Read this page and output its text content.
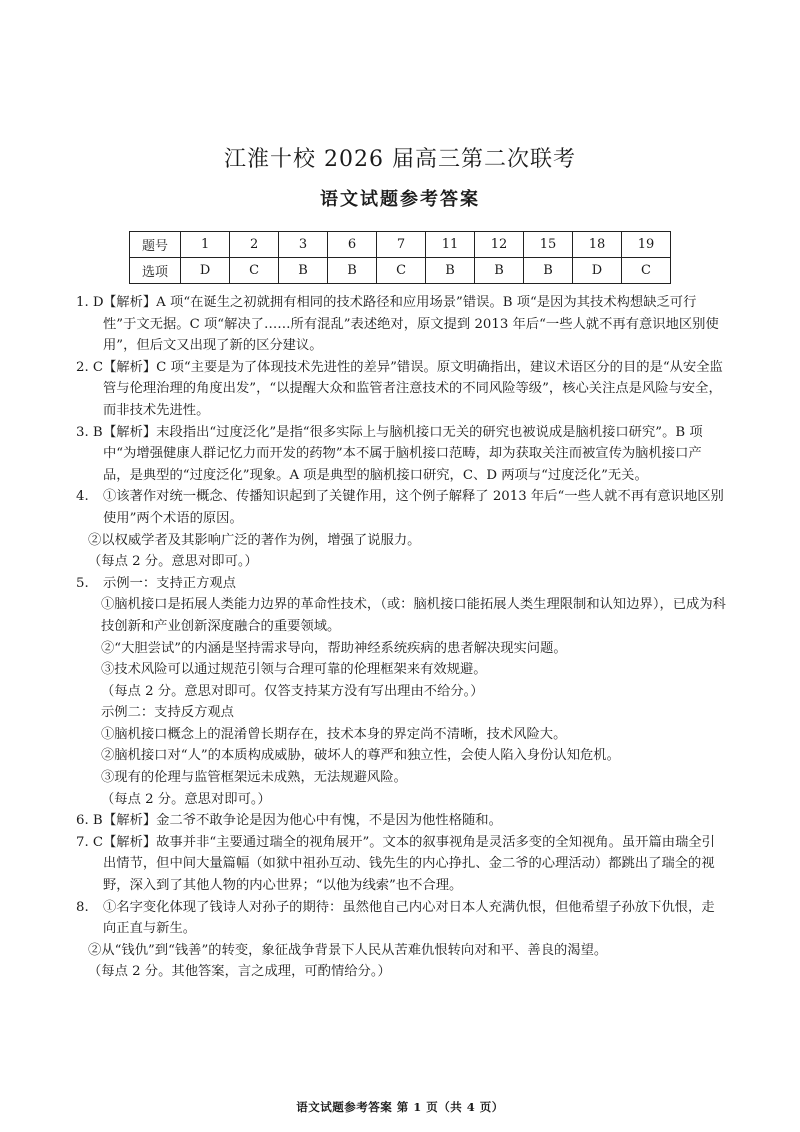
江淮十校 2026 届高三第二次联考
语文试题参考答案
题号	1	2	3	6	7	11	12	15	18	19
选项	D	C	B	B	C	B	B	B	D	C
1. D 【解析】A 项“在诞生之初就拥有相同的技术路径和应用场景”错误。B 项“是因为其技术构想缺乏可行性”于文无据。C 项“解决了……所有混乱”表述绝对，原文提到 2013 年后“一些人就不再有意识地区别使用”，但后文又出现了新的区分建议。
2. C 【解析】C 项“主要是为了体现技术先进性的差异”错误。原文明确指出，建议术语区分的目的是“从安全监管与伦理治理的角度出发”，“以提醒大众和监管者注意技术的不同风险等级”，核心关注点是风险与安全，而非技术先进性。
3. B 【解析】末段指出“过度泛化”是指“很多实际上与脑机接口无关的研究也被说成是脑机接口研究”。B 项中“为增强健康人群记忆力而开发的药物”本不属于脑机接口范畴，却为获取关注而被宣传为脑机接口产品，是典型的“过度泛化”现象。A 项是典型的脑机接口研究，C、D 两项与“过度泛化”无关。
4.	①该著作对统一概念、传播知识起到了关键作用，这个例子解释了 2013 年后“一些人就不再有意识地区别使用”两个术语的原因。
②以权威学者及其影响广泛的著作为例，增强了说服力。
（每点 2 分。意思对即可。）
5.	示例一：支持正方观点
①脑机接口是拓展人类能力边界的革命性技术，（或：脑机接口能拓展人类生理限制和认知边界），已成为科技创新和产业创新深度融合的重要领域。
②“大胆尝试”的内涵是坚持需求导向，帮助神经系统疾病的患者解决现实问题。
③技术风险可以通过规范引领与合理可靠的伦理框架来有效规避。
（每点 2 分。意思对即可。仅答支持某方没有写出理由不给分。）
示例二：支持反方观点
①脑机接口概念上的混淆曾长期存在，技术本身的界定尚不清晰，技术风险大。
②脑机接口对“人”的本质构成威胁，破坏人的尊严和独立性，会使人陷入身份认知危机。
③现有的伦理与监管框架远未成熟，无法规避风险。
（每点 2 分。意思对即可。）
6. B 【解析】金二爷不敢争论是因为他心中有愧，不是因为他性格随和。
7. C 【解析】故事并非“主要通过瑞全的视角展开”。文本的叙事视角是灵活多变的全知视角。虽开篇由瑞全引出情节，但中间大量篇幅（如狱中祖孙互动、钱先生的内心挣扎、金二爷的心理活动）都跳出了瑞全的视野，深入到了其他人物的内心世界；“以他为线索”也不合理。
8.	①名字变化体现了钱诗人对孙子的期待：虽然他自己内心对日本人充满仇恨，但他希望子孙放下仇恨，走向正直与新生。
②从“钱仇”到“钱善”的转变，象征战争背景下人民从苦难仇恨转向对和平、善良的渴望。
（每点 2 分。其他答案，言之成理，可酌情给分。）
语文试题参考答案 第 1 页（共 4 页）
